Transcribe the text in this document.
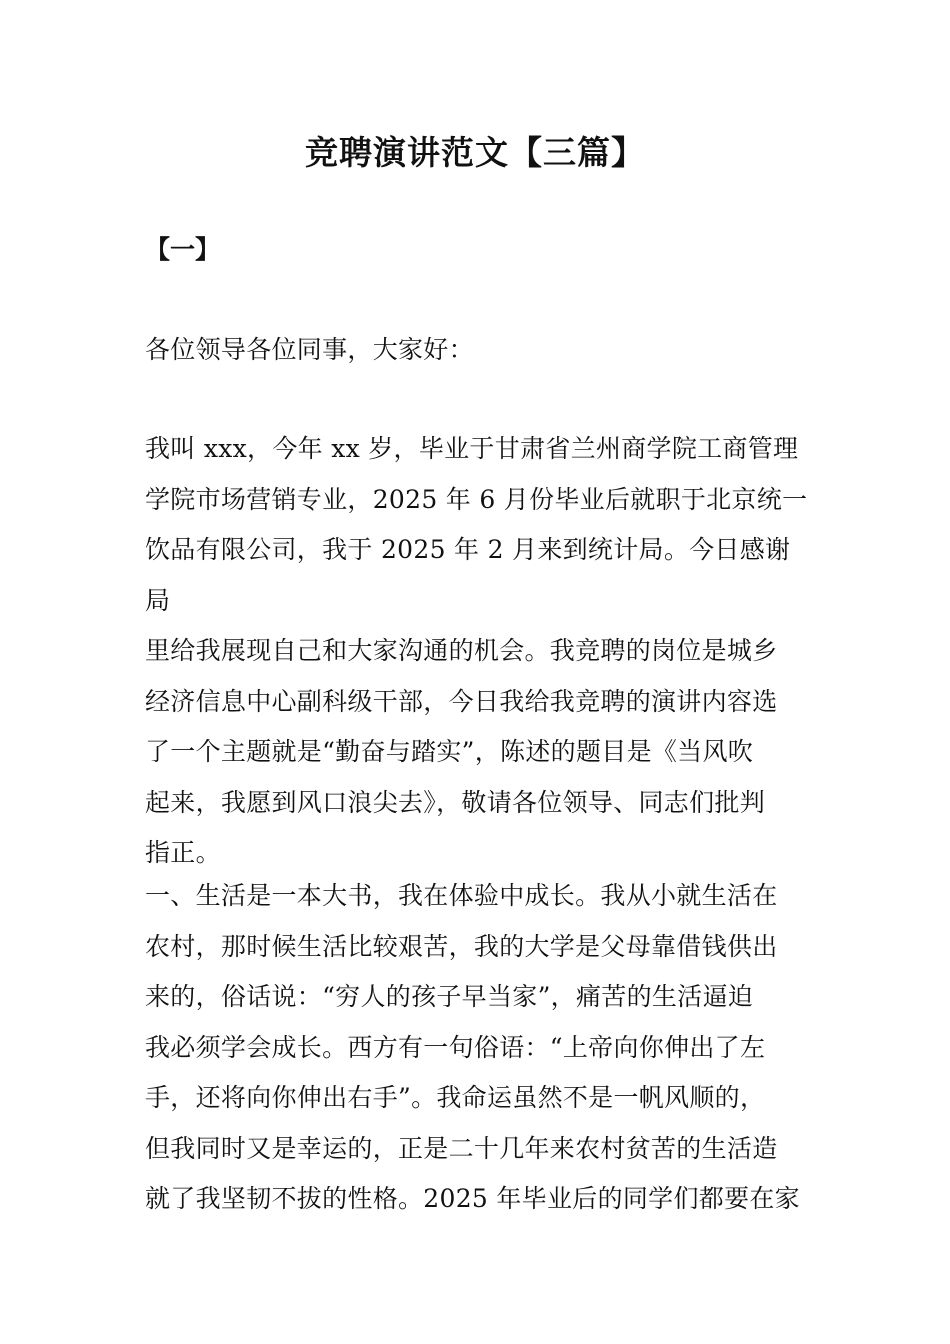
竞聘演讲范文【三篇】
【一】

各位领导各位同事，大家好：

我叫 xxx，今年 xx 岁，毕业于甘肃省兰州商学院工商管理
学院市场营销专业，2025 年 6 月份毕业后就职于北京统一
饮品有限公司，我于 2025 年 2 月来到统计局。今日感谢局
里给我展现自己和大家沟通的机会。我竞聘的岗位是城乡
经济信息中心副科级干部，今日我给我竞聘的演讲内容选
了一个主题就是“勤奋与踏实”，陈述的题目是《当风吹
起来，我愿到风口浪尖去》，敬请各位领导、同志们批判
指正。

一、生活是一本大书，我在体验中成长。我从小就生活在
农村，那时候生活比较艰苦，我的大学是父母靠借钱供出
来的，俗话说：“穷人的孩子早当家”，痛苦的生活逼迫
我必须学会成长。西方有一句俗语：“上帝向你伸出了左
手，还将向你伸出右手”。我命运虽然不是一帆风顺的，
但我同时又是幸运的，正是二十几年来农村贫苦的生活造
就了我坚韧不拔的性格。2025 年毕业后的同学们都要在家
